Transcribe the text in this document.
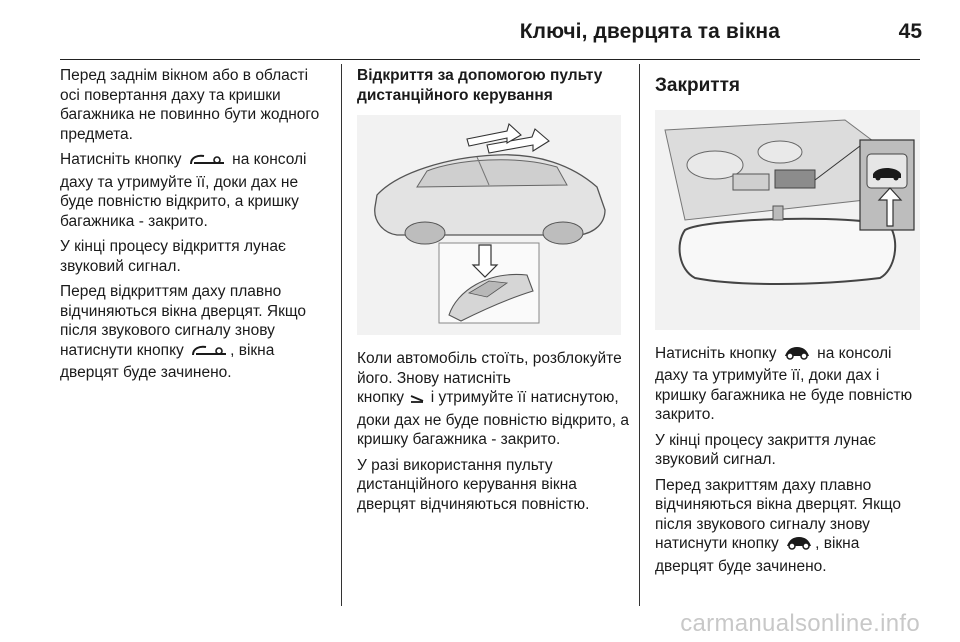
Ключі, дверцята та вікна	45

Перед заднім вікном або в області осі повертання даху та кришки багажника не повинно бути жодного предмета.

Натисніть кнопку	на консолі даху та утримуйте її, доки дах не буде повністю відкрито, а кришку багажника - закрито.

У кінці процесу відкриття лунає звуковий сигнал.

Перед відкриттям даху плавно відчиняються вікна дверцят. Якщо після звукового сигналу знову натиснути кнопку	, вікна дверцят буде зачинено.

Відкриття за допомогою пульту дистанційного керування

Коли автомобіль стоїть, розблокуйте його. Знову натисніть

кнопку і утримуйте її натиснутою, доки дах не буде повністю відкрито, а кришку багажника - закрито.

У разі використання пульту дистанційного керування вікна дверцят відчиняються повністю.

Закриття

Натисніть кнопку	на консолі даху та утримуйте її, доки дах і кришку багажника не буде повністю закрито.

У кінці процесу закриття лунає звуковий сигнал.

Перед закриттям даху плавно відчиняються вікна дверцят. Якщо після звукового сигналу знову натиснути кнопку , вікна дверцят буде зачинено.

carmanualsonline.info
